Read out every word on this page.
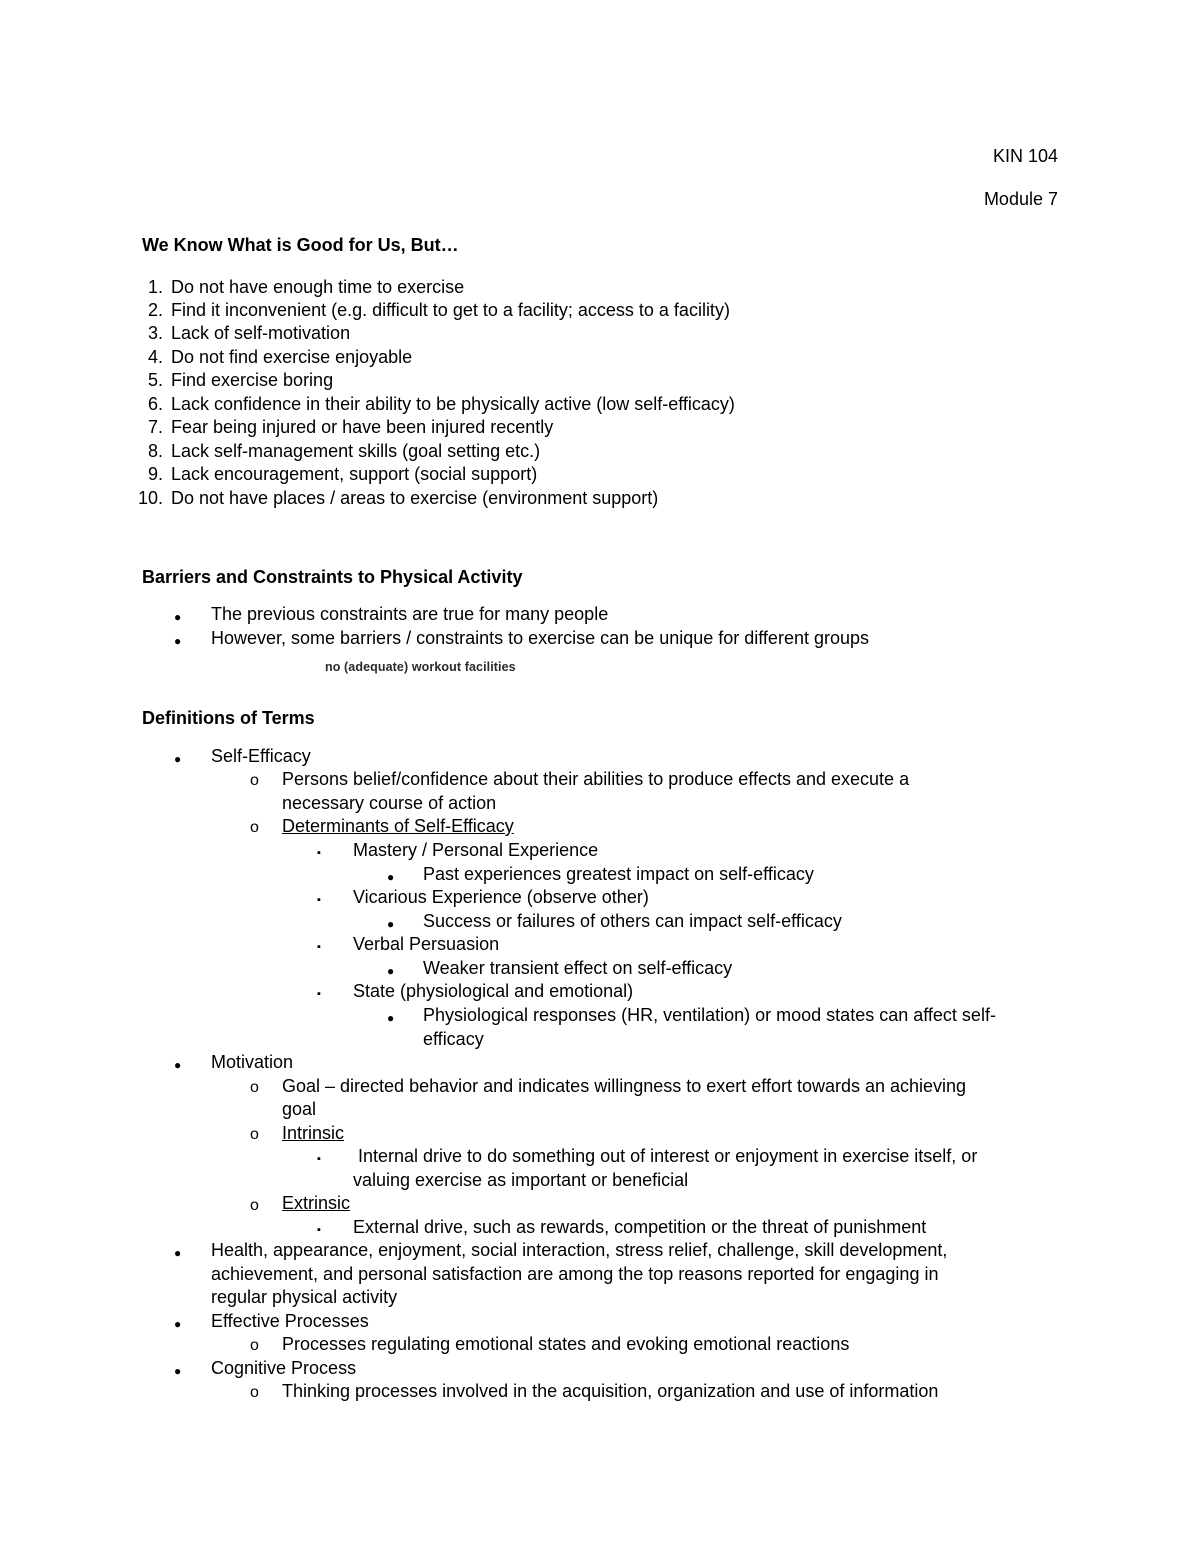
KIN 104
Module 7
We Know What is Good for Us, But…
1. Do not have enough time to exercise
2. Find it inconvenient (e.g. difficult to get to a facility; access to a facility)
3. Lack of self-motivation
4. Do not find exercise enjoyable
5. Find exercise boring
6. Lack confidence in their ability to be physically active (low self-efficacy)
7. Fear being injured or have been injured recently
8. Lack self-management skills (goal setting etc.)
9. Lack encouragement, support (social support)
10. Do not have places / areas to exercise (environment support)
Barriers and Constraints to Physical Activity
● The previous constraints are true for many people
● However, some barriers / constraints to exercise can be unique for different groups
no (adequate) workout facilities
Definitions of Terms
● Self-Efficacy
o Persons belief/confidence about their abilities to produce effects and execute a
necessary course of action
o Determinants of Self-Efficacy
▪ Mastery / Personal Experience
● Past experiences greatest impact on self-efficacy
▪ Vicarious Experience (observe other)
● Success or failures of others can impact self-efficacy
▪ Verbal Persuasion
● Weaker transient effect on self-efficacy
▪ State (physiological and emotional)
● Physiological responses (HR, ventilation) or mood states can affect self-
efficacy
● Motivation
o Goal – directed behavior and indicates willingness to exert effort towards an achieving
goal
o Intrinsic
▪ Internal drive to do something out of interest or enjoyment in exercise itself, or
valuing exercise as important or beneficial
o Extrinsic
▪ External drive, such as rewards, competition or the threat of punishment
● Health, appearance, enjoyment, social interaction, stress relief, challenge, skill development,
achievement, and personal satisfaction are among the top reasons reported for engaging in
regular physical activity
● Effective Processes
o Processes regulating emotional states and evoking emotional reactions
● Cognitive Process
o Thinking processes involved in the acquisition, organization and use of information
